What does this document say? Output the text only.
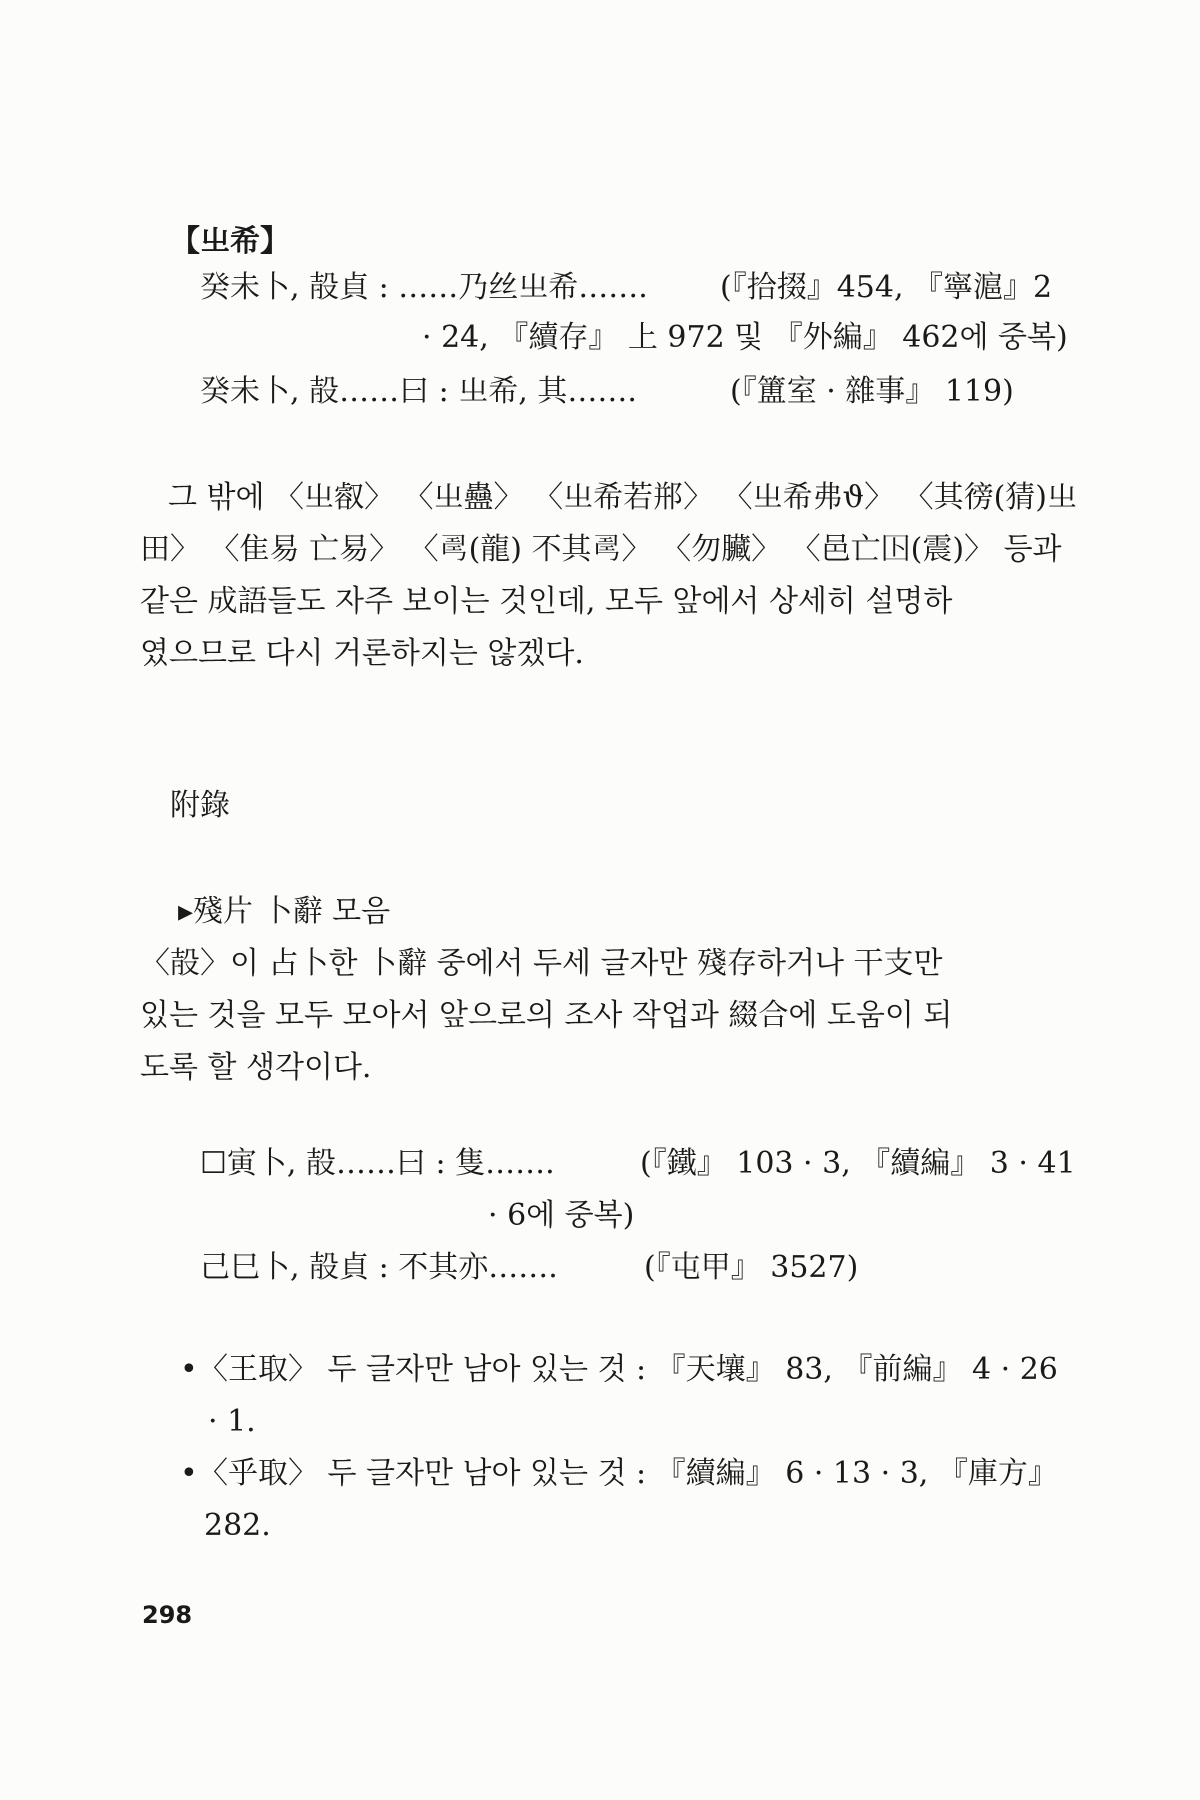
【㞢希】
癸未卜, 㱿貞 : ……乃丝㞢希……. (『拾掇』454, 『寧滬』2
· 24, 『續存』 上 972 및 『外編』 462에 중복)
癸未卜, 㱿……曰 : 㞢希, 其…….	(『簠室 · 雜事』 119)
그 밖에 〈㞢㕡〉 〈㞢蠱〉 〈㞢希若郱〉 〈㞢希弗ϑ〉 〈其徬(猜)㞢
田〉 〈隹易 亡易〉 〈𢏚(龍) 不其𢏚〉 〈勿臟〉 〈邑亡𡆥(震)〉 등과
같은 成語들도 자주 보이는 것인데, 모두 앞에서 상세히 설명하
였으므로 다시 거론하지는 않겠다.
附錄
▸殘片 卜辭 모음
〈㱿〉이 占卜한 卜辭 중에서 두세 글자만 殘存하거나 干支만
있는 것을 모두 모아서 앞으로의 조사 작업과 綴合에 도움이 되
도록 할 생각이다.
☐寅卜, 㱿……曰 : 隻…….	(『鐵』 103 · 3, 『續編』 3 · 41
· 6에 중복)
己巳卜, 㱿貞 : 不其亦…….	(『屯甲』 3527)
•〈王取〉 두 글자만 남아 있는 것 : 『天壤』 83, 『前編』 4 · 26
· 1.
•〈乎取〉 두 글자만 남아 있는 것 : 『續編』 6 · 13 · 3, 『庫方』
282.
298
